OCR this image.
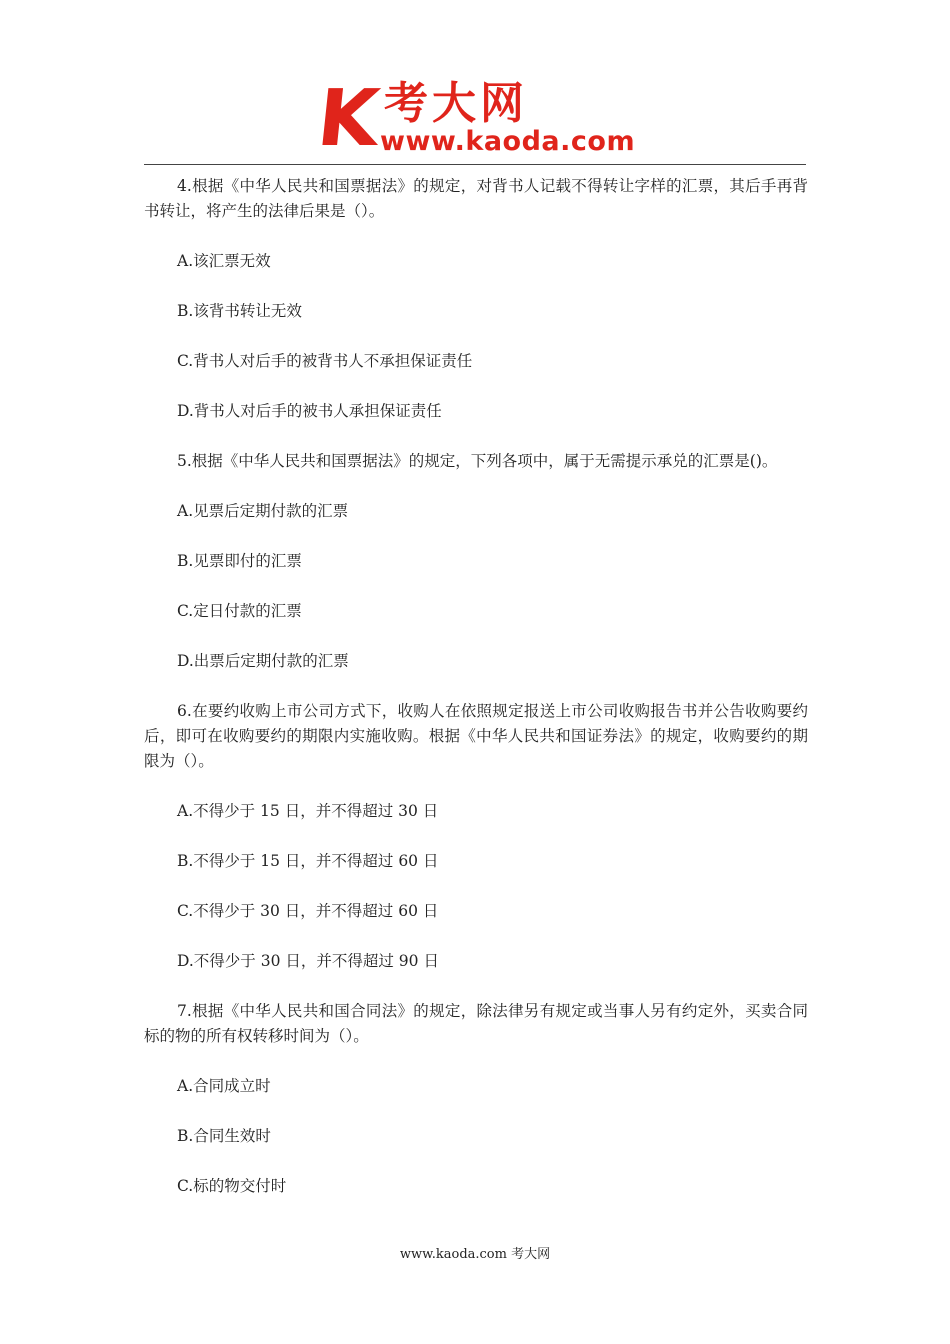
K 考大网
www.kaoda.com

4.根据《中华人民共和国票据法》的规定，对背书人记载不得转让字样的汇票，其后手再背书转让，将产生的法律后果是（）。

A.该汇票无效

B.该背书转让无效

C.背书人对后手的被背书人不承担保证责任

D.背书人对后手的被书人承担保证责任

5.根据《中华人民共和国票据法》的规定，下列各项中，属于无需提示承兑的汇票是()。

A.见票后定期付款的汇票

B.见票即付的汇票

C.定日付款的汇票

D.出票后定期付款的汇票

6.在要约收购上市公司方式下，收购人在依照规定报送上市公司收购报告书并公告收购要约后，即可在收购要约的期限内实施收购。根据《中华人民共和国证券法》的规定，收购要约的期限为（）。

A.不得少于 15 日，并不得超过 30 日

B.不得少于 15 日，并不得超过 60 日

C.不得少于 30 日，并不得超过 60 日

D.不得少于 30 日，并不得超过 90 日

7.根据《中华人民共和国合同法》的规定，除法律另有规定或当事人另有约定外，买卖合同标的物的所有权转移时间为（）。

A.合同成立时

B.合同生效时

C.标的物交付时

www.kaoda.com 考大网
